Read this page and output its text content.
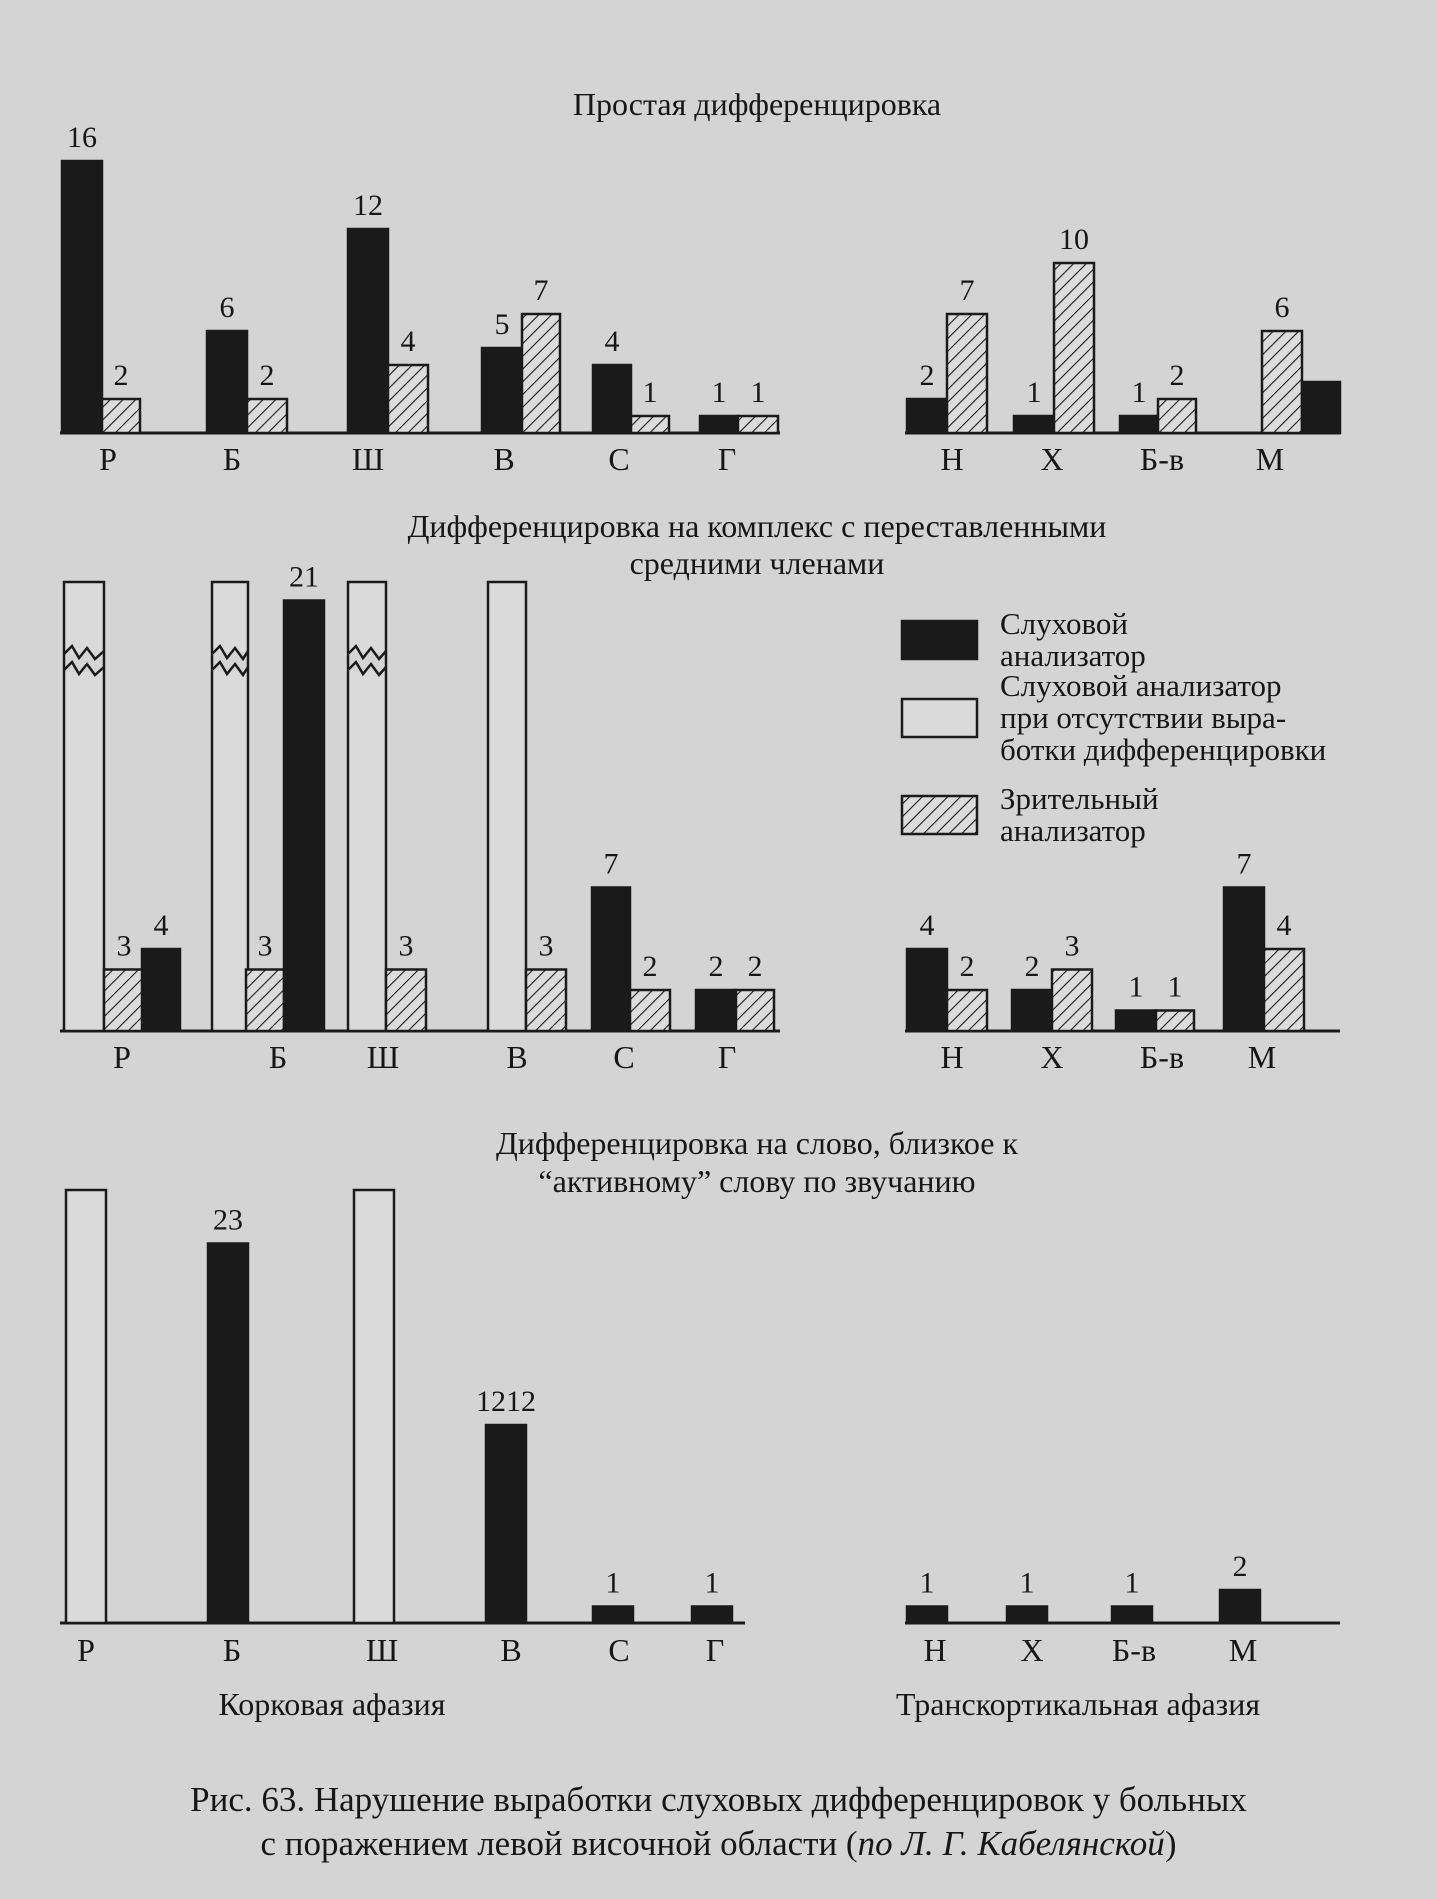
Простая дифференцировка
16
2
6
2
12
4
5
7
4
1 1 1
2
7
1
10
1
2
6
Р	Б	Ш	В	С	Г	Н Х Б-в М
Дифференцировка на комплекс с переставленными
средними членами
3
4
3
21
3	3
7
2 2 2
4
2 2
3
1 1
7
4
Р	Б Ш	В	С	Г	Н Х Б-в М
Дифференцировка на слово, близкое к
“активному” слову по звучанию
23
1212
1	1	1	1	1	2
Р	Б	Ш	В	С Г	Н Х Б-в М
Слуховой
анализатор
Слуховой анализатор
при отсутствии выра-
ботки дифференцировки
Зрительный
анализатор
Корковая афазия	Транскортикальная афазия
Рис. 63. Нарушение выработки слуховых дифференцировок у больных
с поражением левой височной области (по Л. Г. Кабелянской)
